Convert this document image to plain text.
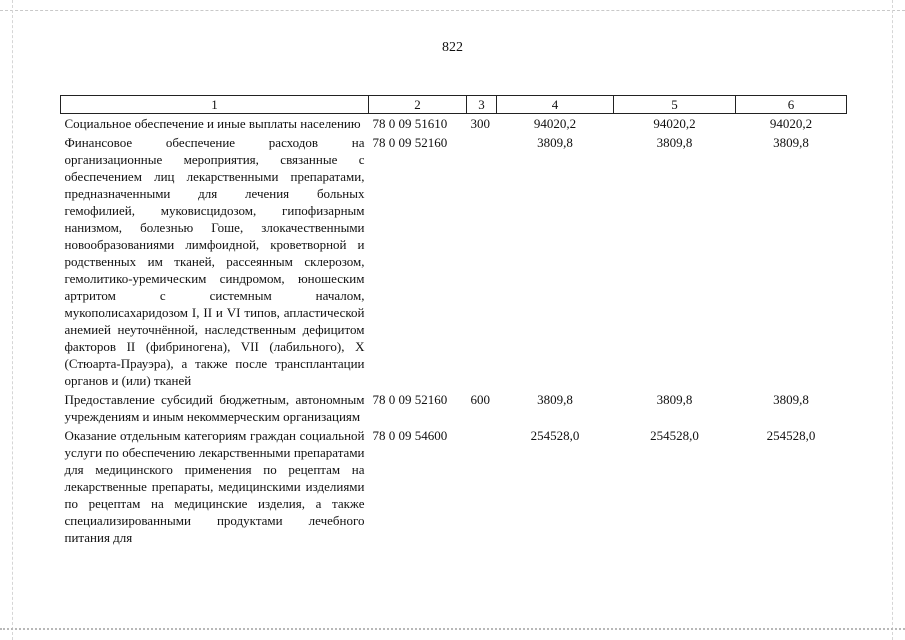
822
1	2	3	4	5	6
Социальное обеспечение и иные выплаты населению	78 0 09 51610	300	94020,2	94020,2	94020,2
Финансовое обеспечение расходов на организационные мероприятия, связанные с обеспечением лиц лекарственными препаратами, предназначенными для лечения больных гемофилией, муковисцидозом, гипофизарным нанизмом, болезнью Гоше, злокачественными новообразованиями лимфоидной, кроветворной и родственных им тканей, рассеянным склерозом, гемолитико-уремическим синдромом, юношеским артритом с системным началом, мукополисахаридозом I, II и VI типов, апластической анемией неуточнённой, наследственным дефицитом факторов II (фибриногена), VII (лабильного), X (Стюарта-Прауэра), а также после трансплантации органов и (или) тканей	78 0 09 52160		3809,8	3809,8	3809,8
Предоставление субсидий бюджетным, автономным учреждениям и иным некоммерческим организациям	78 0 09 52160	600	3809,8	3809,8	3809,8
Оказание отдельным категориям граждан социальной услуги по обеспечению лекарственными препаратами для медицинского применения по рецептам на лекарственные препараты, медицинскими изделиями по рецептам на медицинские изделия, а также специализированными продуктами лечебного питания для	78 0 09 54600		254528,0	254528,0	254528,0
